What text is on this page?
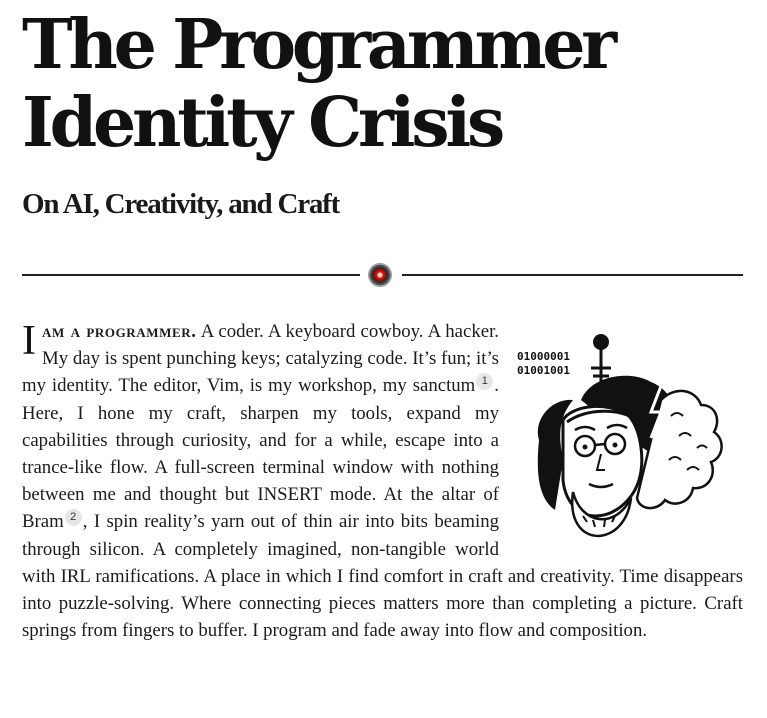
The Programmer
Identity Crisis
On AI, Creativity, and Craft
01000001
01001001
I am a programmer. A coder. A keyboard cowboy. A hacker. My day is spent punching keys; catalyzing code. It’s fun; it’s my identity. The editor, Vim, is my workshop, my sanctum 1 . Here, I hone my craft, sharpen my tools, expand my capabilities through curiosity, and for a while, escape into a trance-like flow. A full-screen terminal window with nothing between me and thought but INSERT mode. At the altar of Bram 2 , I spin reality’s yarn out of thin air into bits beaming through silicon. A completely imagined, non-tangible world with IRL ramifications. A place in which I find comfort in craft and creativity. Time disappears into puzzle-solving. Where connecting pieces matters more than completing a picture. Craft springs from fingers to buffer. I program and fade away into flow and composition.
